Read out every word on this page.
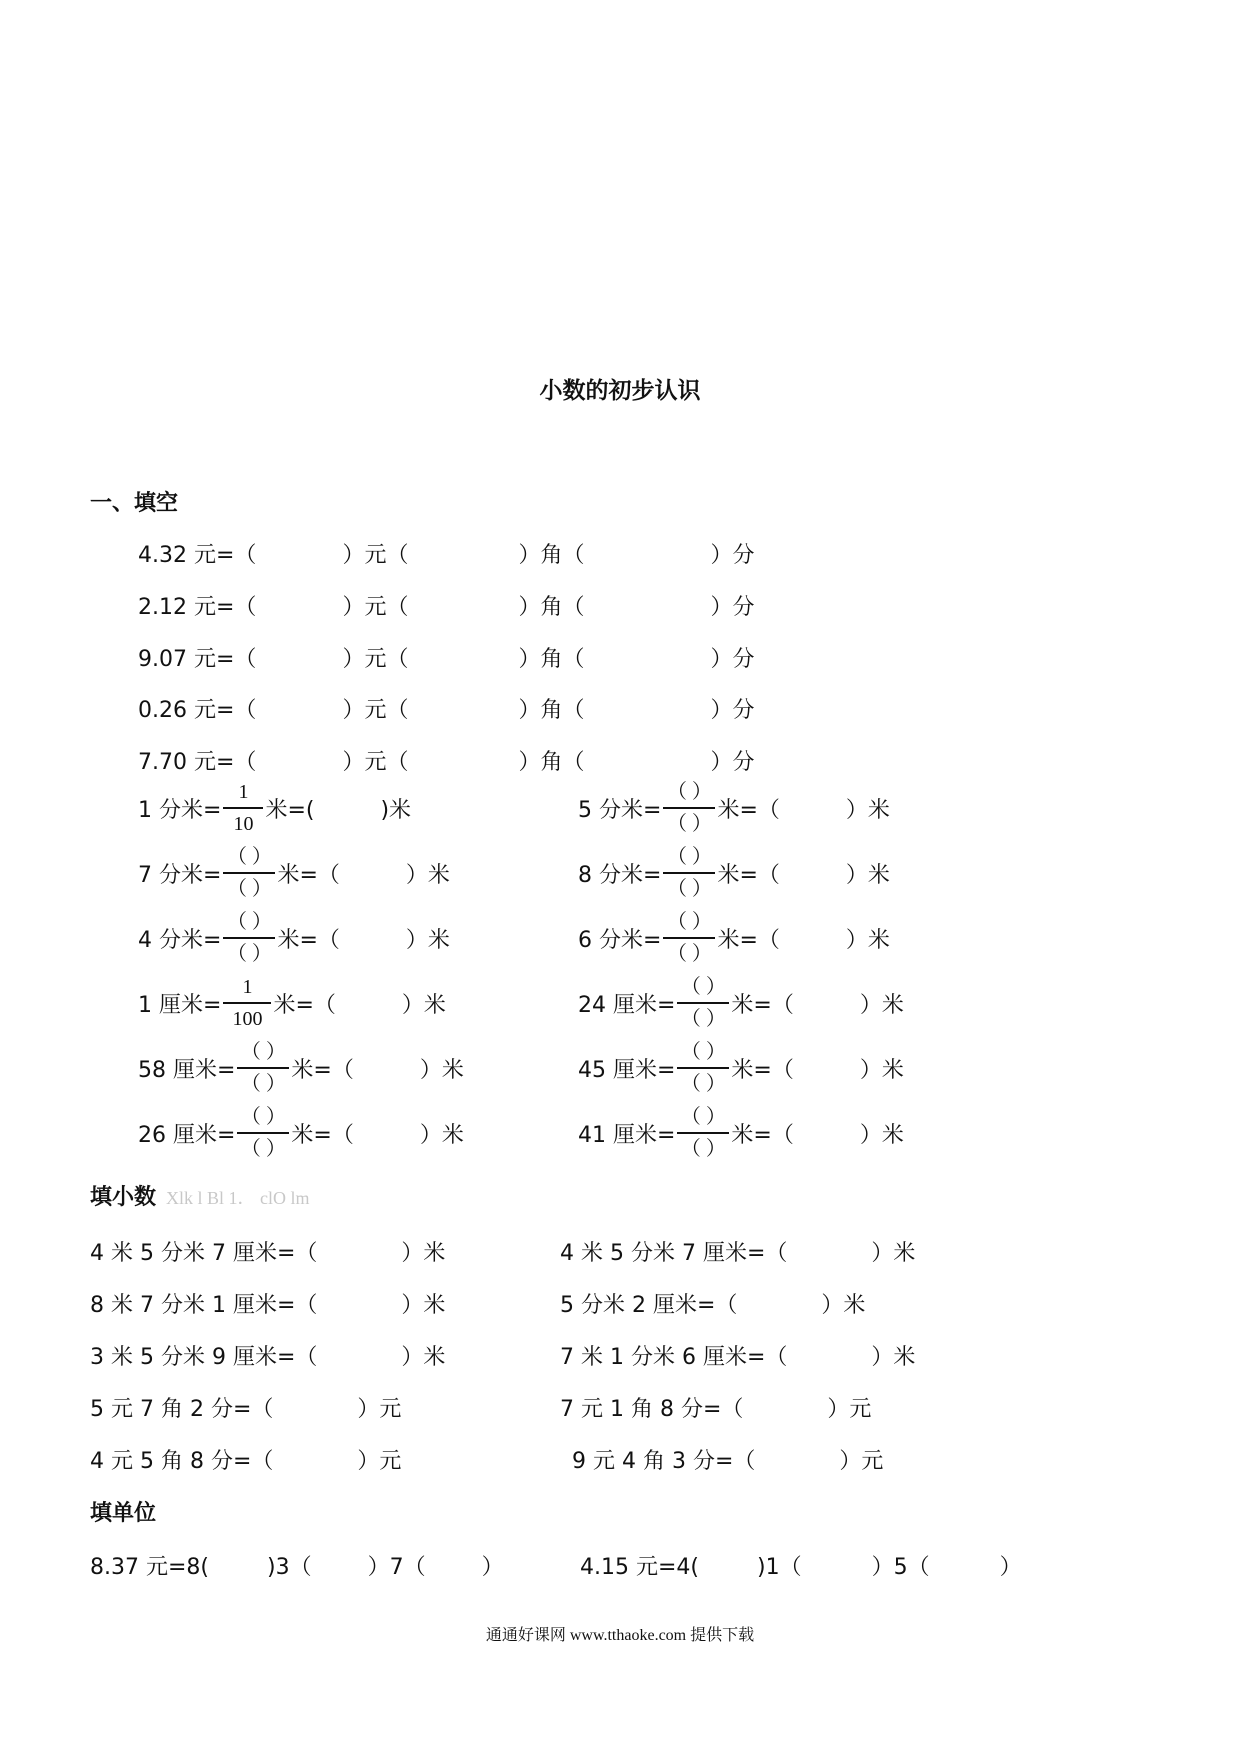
小数的初步认识
一、填空
4.32 元=（	）元（	）角（	）分
2.12 元=（	）元（	）角（	）分
9.07 元=（	）元（	）角（	）分
0.26 元=（	）元（	）角（	）分
7.70 元=（	）元（	）角（	）分
1 分米= $\frac{1}{10}$ 米=(	)米	5 分米= $\frac{( )}{( )}$ 米=（	）米
7 分米= $\frac{( )}{( )}$ 米=（	）米	8 分米= $\frac{( )}{( )}$ 米=（	）米
4 分米= $\frac{( )}{( )}$ 米=（	）米	6 分米= $\frac{( )}{( )}$ 米=（	）米
1 厘米= $\frac{1}{100}$ 米=（	）米	24 厘米= $\frac{( )}{( )}$ 米=（	）米
58 厘米= $\frac{( )}{( )}$ 米=（	）米	45 厘米= $\frac{( )}{( )}$ 米=（	）米
26 厘米= $\frac{( )}{( )}$ 米=（	）米	41 厘米= $\frac{( )}{( )}$ 米=（	）米
填小数 Xlk l Bl 1． clO lm
4 米 5 分米 7 厘米=（	）米	4 米 5 分米 7 厘米=（	）米
8 米 7 分米 1 厘米=（	）米	5 分米 2 厘米=（	）米
3 米 5 分米 9 厘米=（	）米	7 米 1 分米 6 厘米=（	）米
5 元 7 角 2 分=（	）元	7 元 1 角 8 分=（	）元
4 元 5 角 8 分=（	）元	9 元 4 角 3 分=（	）元
填单位
8.37 元=8(	)3（	）7（	）	4.15 元=4(	)1（	）5（	）
通通好课网 www.tthaoke.com 提供下载
